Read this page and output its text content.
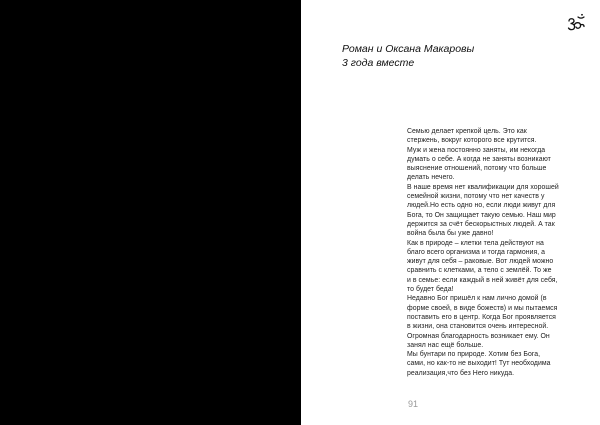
Роман и Оксана Макаровы
3 года вместе
Семью делает крепкой цель. Это как
стержень, вокруг которого все крутится.
Муж и жена постоянно заняты, им некогда
думать о себе. А когда не заняты возникают
выяснение отношений, потому что больше
делать нечего.
В наше время нет квалификации для хорошей
семейной жизни, потому что нет качеств у
людей.Но есть одно но, если люди живут для
Бога, то Он защищает такую семью. Наш мир
держится за счёт бескорыстных людей. А так
война была бы уже давно!
Как в природе – клетки тела действуют на
благо всего организма и тогда гармония, а
живут для себя – раковые. Вот людей можно
сравнить с клетками, а тело с землёй. То же
и в семье: если каждый в ней живёт для себя,
то будет беда!
Недавно Бог пришёл к нам лично домой (в
форме своей, в виде божеств) и мы пытаемся
поставить его в центр. Когда Бог проявляется
в жизни, она становится очень интересной.
Огромная благодарность возникает ему. Он
занял нас ещё больше.
Мы бунтари по природе. Хотим без Бога,
сами, но как-то не выходит! Тут необходима
реализация,что без Него никуда.
91
